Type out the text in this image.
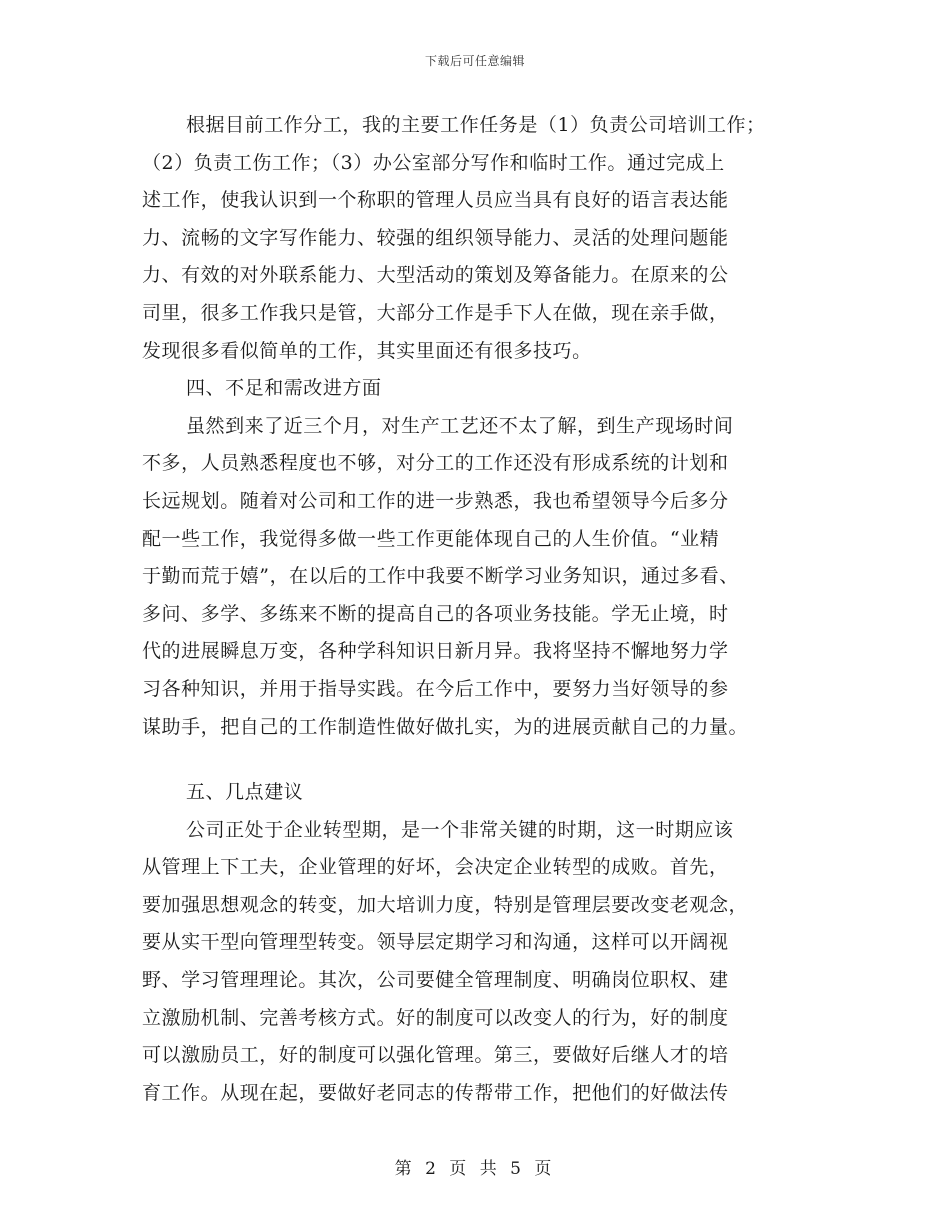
下载后可任意编辑
根据目前工作分工，我的主要工作任务是（1）负责公司培训工作；
（2）负责工伤工作；（3）办公室部分写作和临时工作。通过完成上
述工作，使我认识到一个称职的管理人员应当具有良好的语言表达能
力、流畅的文字写作能力、较强的组织领导能力、灵活的处理问题能
力、有效的对外联系能力、大型活动的策划及筹备能力。在原来的公
司里，很多工作我只是管，大部分工作是手下人在做，现在亲手做，
发现很多看似简单的工作，其实里面还有很多技巧。
四、不足和需改进方面
虽然到来了近三个月，对生产工艺还不太了解，到生产现场时间
不多，人员熟悉程度也不够，对分工的工作还没有形成系统的计划和
长远规划。随着对公司和工作的进一步熟悉，我也希望领导今后多分
配一些工作，我觉得多做一些工作更能体现自己的人生价值。“业精
于勤而荒于嬉”，在以后的工作中我要不断学习业务知识，通过多看、
多问、多学、多练来不断的提高自己的各项业务技能。学无止境，时
代的进展瞬息万变，各种学科知识日新月异。我将坚持不懈地努力学
习各种知识，并用于指导实践。在今后工作中，要努力当好领导的参
谋助手，把自己的工作制造性做好做扎实，为的进展贡献自己的力量。
五、几点建议
公司正处于企业转型期，是一个非常关键的时期，这一时期应该
从管理上下工夫，企业管理的好坏，会决定企业转型的成败。首先，
要加强思想观念的转变，加大培训力度，特别是管理层要改变老观念，
要从实干型向管理型转变。领导层定期学习和沟通，这样可以开阔视
野、学习管理理论。其次，公司要健全管理制度、明确岗位职权、建
立激励机制、完善考核方式。好的制度可以改变人的行为，好的制度
可以激励员工，好的制度可以强化管理。第三，要做好后继人才的培
育工作。从现在起，要做好老同志的传帮带工作，把他们的好做法传
第 2 页 共 5 页
